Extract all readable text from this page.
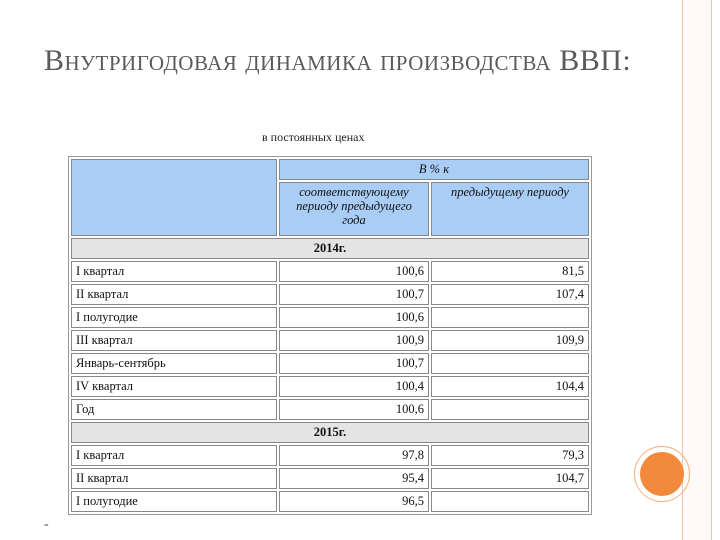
Внутригодовая динамика производства ВВП:
в постоянных ценах
	В % к	
	соответствующему периоду предыдущего года	предыдущему периоду
2014г.		
I квартал	100,6	81,5
II квартал	100,7	107,4
I полугодие	100,6	
III квартал	100,9	109,9
Январь-сентябрь	100,7	
IV квартал	100,4	104,4
Год	100,6	
2015г.		
I квартал	97,8	79,3
II квартал	95,4	104,7
I полугодие	96,5	
-
